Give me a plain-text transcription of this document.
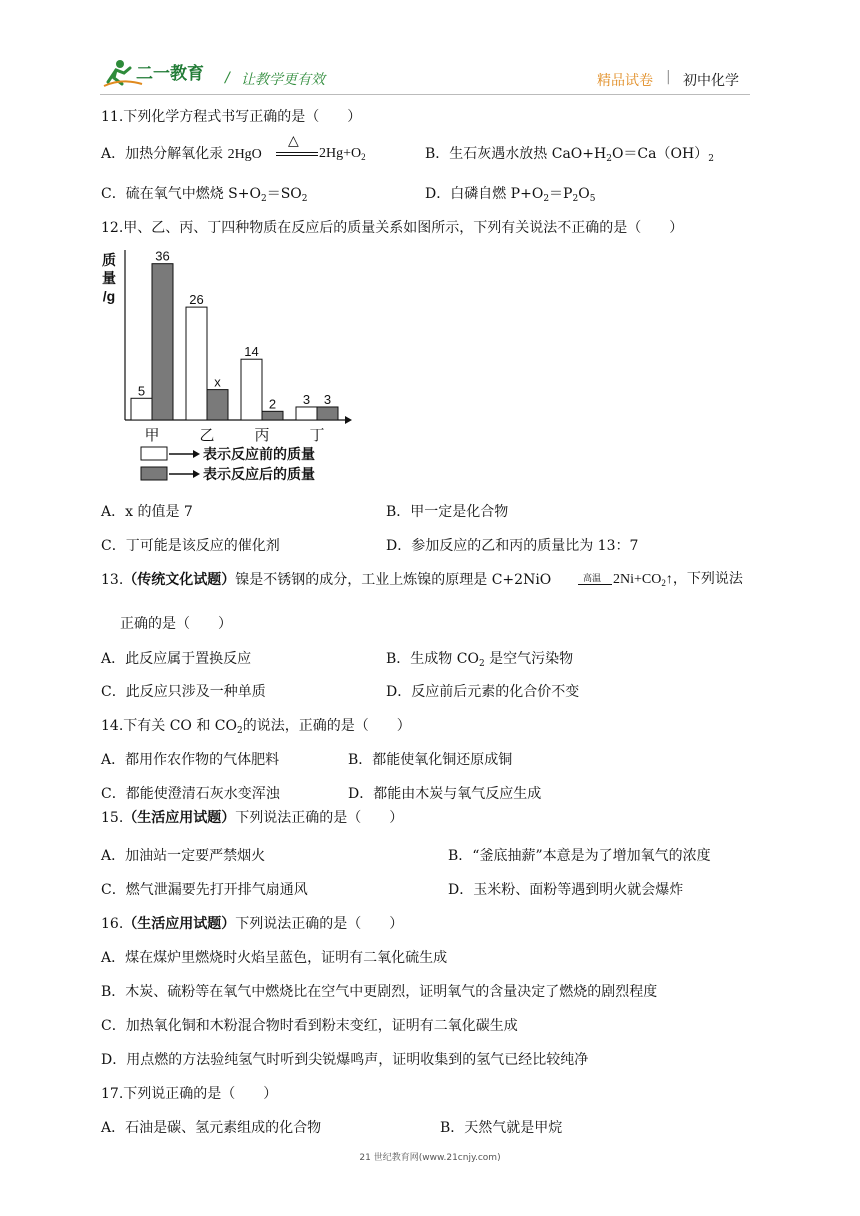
二一教育 / 让教学更有效	精品试卷 | 初中化学
11.下列化学方程式书写正确的是（　　）
A．加热分解氧化汞 2HgO
△
$2Hg+O_2$	B．生石灰遇水放热 $CaO+H_2O=Ca(OH)_2$
C．硫在氧气中燃烧 $S+O_2=SO_2$	D．白磷自燃 $P+O_2=P_2O_5$
12.甲、乙、丙、丁四种物质在反应后的质量关系如图所示，下列有关说法不正确的是（　　）
质
量
/g
5
36
甲
26
x
乙
14
2
丙
3 3
丁
表示反应前的质量
表示反应后的质量
A．x 的值是 7	B．甲一定是化合物
C．丁可能是该反应的催化剂	D．参加反应的乙和丙的质量比为 13：7
13.（传统文化试题）镍是不锈钢的成分，工业上炼镍的原理是 C+2NiO	高温 $2Ni+CO_2↑$，下列说法
正确的是（　　）
A．此反应属于置换反应	B．生成物 $CO_2$ 是空气污染物
C．此反应只涉及一种单质	D．反应前后元素的化合价不变
14.下有关 CO 和 $CO_2$的说法，正确的是（　　）
A．都用作农作物的气体肥料	B．都能使氧化铜还原成铜
C．都能使澄清石灰水变浑浊	D．都能由木炭与氧气反应生成
15.（生活应用试题）下列说法正确的是（　　）
A．加油站一定要严禁烟火	B．“釜底抽薪”本意是为了增加氧气的浓度
C．燃气泄漏要先打开排气扇通风	D．玉米粉、面粉等遇到明火就会爆炸
16.（生活应用试题）下列说法正确的是（　　）
A．煤在煤炉里燃烧时火焰呈蓝色，证明有二氧化硫生成
B．木炭、硫粉等在氧气中燃烧比在空气中更剧烈，证明氧气的含量决定了燃烧的剧烈程度
C．加热氧化铜和木粉混合物时看到粉末变红，证明有二氧化碳生成
D．用点燃的方法验纯氢气时听到尖锐爆鸣声，证明收集到的氢气已经比较纯净
17.下列说正确的是（　　）
A．石油是碳、氢元素组成的化合物	B．天然气就是甲烷
21 世纪教育网(www.21cnjy.com)
